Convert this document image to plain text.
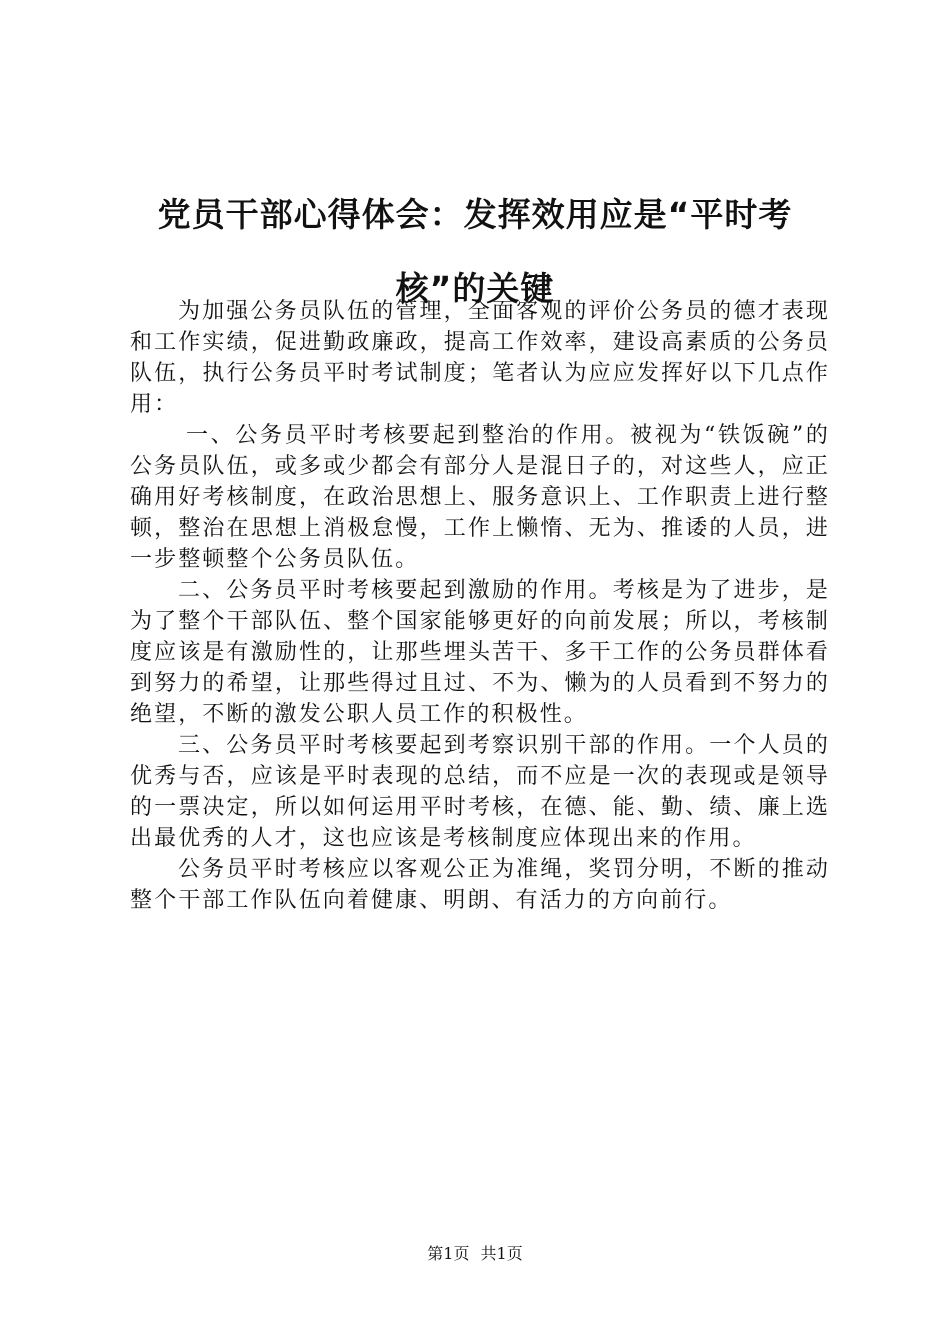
党员干部心得体会：发挥效用应是“平时考
核”的关键

为加强公务员队伍的管理，全面客观的评价公务员的德才表现和工作实绩，促进勤政廉政，提高工作效率，建设高素质的公务员队伍，执行公务员平时考试制度；笔者认为应应发挥好以下几点作用：

一、公务员平时考核要起到整治的作用。被视为“铁饭碗”的公务员队伍，或多或少都会有部分人是混日子的，对这些人，应正确用好考核制度，在政治思想上、服务意识上、工作职责上进行整顿，整治在思想上消极怠慢，工作上懒惰、无为、推诿的人员，进一步整顿整个公务员队伍。

二、公务员平时考核要起到激励的作用。考核是为了进步，是为了整个干部队伍、整个国家能够更好的向前发展；所以，考核制度应该是有激励性的，让那些埋头苦干、多干工作的公务员群体看到努力的希望，让那些得过且过、不为、懒为的人员看到不努力的绝望，不断的激发公职人员工作的积极性。

三、公务员平时考核要起到考察识别干部的作用。一个人员的优秀与否，应该是平时表现的总结，而不应是一次的表现或是领导的一票决定，所以如何运用平时考核，在德、能、勤、绩、廉上选出最优秀的人才，这也应该是考核制度应体现出来的作用。

公务员平时考核应以客观公正为准绳，奖罚分明，不断的推动整个干部工作队伍向着健康、明朗、有活力的方向前行。

第1页 共1页
